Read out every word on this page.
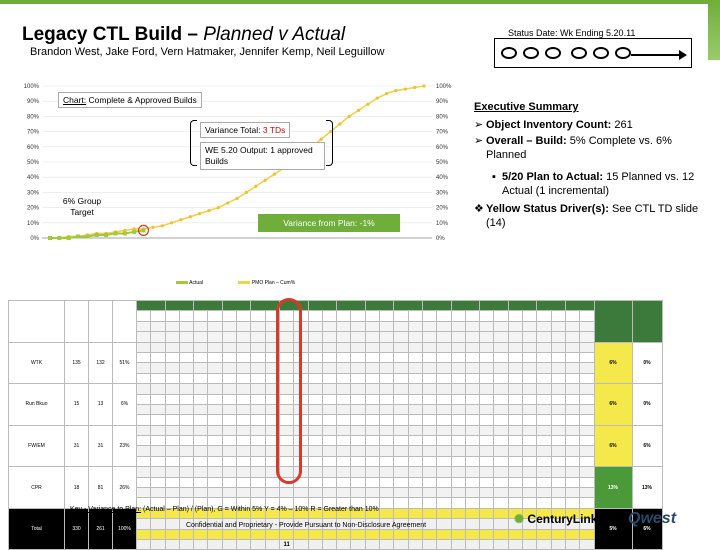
Legacy CTL Build – Planned v Actual
Brandon West, Jake Ford, Vern Hatmaker, Jennifer Kemp, Neil Leguillow
Status Date: Wk Ending 5.20.11
0%
10%
20%
30%
40%
50%
60%
70%
80%
90%
100%
0%
10%
20%
30%
40%
50%
60%
70%
80%
90%
100%
Chart: Complete & Approved Builds
Variance Total: 3 TDs
WE 5.20 Output: 1 approved Builds
6% Group Target
Variance from Plan: -1%
Actual	PMO Plan – Cum%
Executive Summary
➢ Object Inventory Count: 261
➢ Overall – Build: 5% Complete vs. 6% Planned
▪ 5/20 Plan to Actual: 15 Planned vs. 12 Actual (1 incremental)
❖ Yellow Status Driver(s): See CTL TD slide (14)

WTK	135	132	51%																																	6%	0%

Run Bkuo	15	13	6%																																	6%	0%

FW/EM	31	31	23%																																	6%	6%

CPR	18	81	26%																																	13%	13%

Total	330	261	100%																																	5%	6%

														11																							
Key - Variance to Plan: (Actual – Plan) / (Plan), G = Within 5% Y = 4% – 10% R = Greater than 10%
15
Confidential and Proprietary - Provide Pursuant to Non-Disclosure Agreement	✺ CenturyLink Qwest
